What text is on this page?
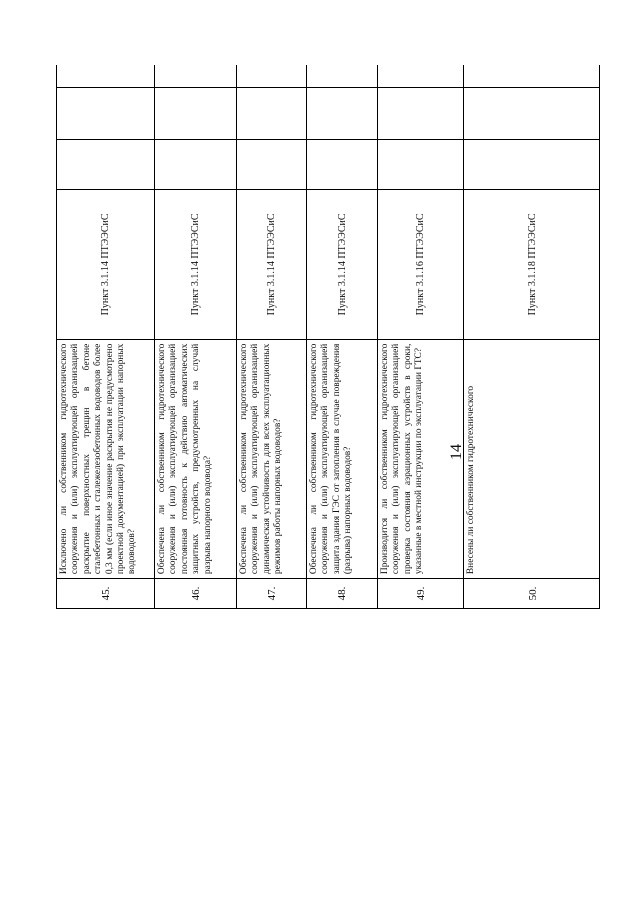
14
45.
Исключено ли собственником гидротехнического сооружения и (или) эксплуатирующей организацией раскрытие поверхностных трещин в бетоне сталебетонных и сталежелезобетонных водоводов более 0,3 мм (если иное значение раскрытия не предусмотрено проектной документацией) при эксплуатации напорных водоводов?
Пункт 3.1.14 ПТЭЭСиС
46.
Обеспечена ли собственником гидротехнического сооружения и (или) эксплуатирующей организацией постоянная готовность к действию автоматических защитных устройств, предусмотренных на случай разрыва напорного водовода?
Пункт 3.1.14 ПТЭЭСиС
47.
Обеспечена ли собственником гидротехнического сооружения и (или) эксплуатирующей организацией динамическая устойчивость для всех эксплуатационных режимов работы напорных водоводов?
Пункт 3.1.14 ПТЭЭСиС
48.
Обеспечена ли собственником гидротехнического сооружения и (или) эксплуатирующей организацией защита здания ГЭС от затопления в случае повреждения (разрыва) напорных водоводов?
Пункт 3.1.14 ПТЭЭСиС
49.
Производится ли собственником гидротехнического сооружения и (или) эксплуатирующей организацией проверка состояния аэрационных устройств в сроки, указанные в местной инструкции по эксплуатации ГТС?
Пункт 3.1.16 ПТЭЭСиС
50.
Внесены ли собственником гидротехнического
Пункт 3.1.18 ПТЭЭСиС
